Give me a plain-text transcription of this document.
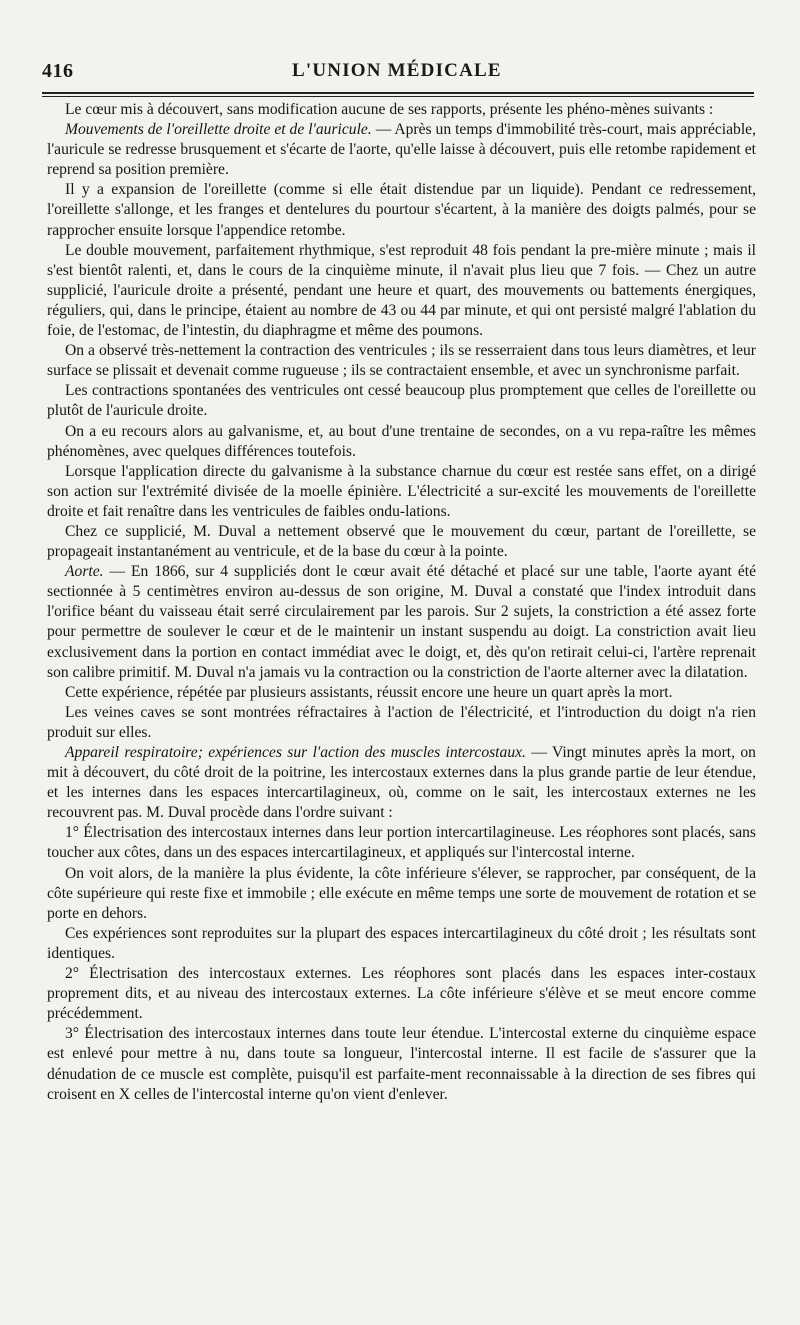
416	L'UNION MÉDICALE

Le cœur mis à découvert, sans modification aucune de ses rapports, présente les phéno-mènes suivants :

Mouvements de l'oreillette droite et de l'auricule. — Après un temps d'immobilité très-court, mais appréciable, l'auricule se redresse brusquement et s'écarte de l'aorte, qu'elle laisse à découvert, puis elle retombe rapidement et reprend sa position première.

Il y a expansion de l'oreillette (comme si elle était distendue par un liquide). Pendant ce redressement, l'oreillette s'allonge, et les franges et dentelures du pourtour s'écartent, à la manière des doigts palmés, pour se rapprocher ensuite lorsque l'appendice retombe.

Le double mouvement, parfaitement rhythmique, s'est reproduit 48 fois pendant la pre-mière minute ; mais il s'est bientôt ralenti, et, dans le cours de la cinquième minute, il n'avait plus lieu que 7 fois. — Chez un autre supplicié, l'auricule droite a présenté, pendant une heure et quart, des mouvements ou battements énergiques, réguliers, qui, dans le principe, étaient au nombre de 43 ou 44 par minute, et qui ont persisté malgré l'ablation du foie, de l'estomac, de l'intestin, du diaphragme et même des poumons.

On a observé très-nettement la contraction des ventricules ; ils se resserraient dans tous leurs diamètres, et leur surface se plissait et devenait comme rugueuse ; ils se contractaient ensemble, et avec un synchronisme parfait.

Les contractions spontanées des ventricules ont cessé beaucoup plus promptement que celles de l'oreillette ou plutôt de l'auricule droite.

On a eu recours alors au galvanisme, et, au bout d'une trentaine de secondes, on a vu repa-raître les mêmes phénomènes, avec quelques différences toutefois.

Lorsque l'application directe du galvanisme à la substance charnue du cœur est restée sans effet, on a dirigé son action sur l'extrémité divisée de la moelle épinière. L'électricité a sur-excité les mouvements de l'oreillette droite et fait renaître dans les ventricules de faibles ondu-lations.

Chez ce supplicié, M. Duval a nettement observé que le mouvement du cœur, partant de l'oreillette, se propageait instantanément au ventricule, et de la base du cœur à la pointe.

Aorte. — En 1866, sur 4 suppliciés dont le cœur avait été détaché et placé sur une table, l'aorte ayant été sectionnée à 5 centimètres environ au-dessus de son origine, M. Duval a constaté que l'index introduit dans l'orifice béant du vaisseau était serré circulairement par les parois. Sur 2 sujets, la constriction a été assez forte pour permettre de soulever le cœur et de le maintenir un instant suspendu au doigt. La constriction avait lieu exclusivement dans la portion en contact immédiat avec le doigt, et, dès qu'on retirait celui-ci, l'artère reprenait son calibre primitif. M. Duval n'a jamais vu la contraction ou la constriction de l'aorte alterner avec la dilatation.

Cette expérience, répétée par plusieurs assistants, réussit encore une heure un quart après la mort.

Les veines caves se sont montrées réfractaires à l'action de l'électricité, et l'introduction du doigt n'a rien produit sur elles.

Appareil respiratoire; expériences sur l'action des muscles intercostaux. — Vingt minutes après la mort, on mit à découvert, du côté droit de la poitrine, les intercostaux externes dans la plus grande partie de leur étendue, et les internes dans les espaces intercartilagineux, où, comme on le sait, les intercostaux externes ne les recouvrent pas. M. Duval procède dans l'ordre suivant :

1° Électrisation des intercostaux internes dans leur portion intercartilagineuse. Les réophores sont placés, sans toucher aux côtes, dans un des espaces intercartilagineux, et appliqués sur l'intercostal interne.

On voit alors, de la manière la plus évidente, la côte inférieure s'élever, se rapprocher, par conséquent, de la côte supérieure qui reste fixe et immobile ; elle exécute en même temps une sorte de mouvement de rotation et se porte en dehors.

Ces expériences sont reproduites sur la plupart des espaces intercartilagineux du côté droit ; les résultats sont identiques.

2° Électrisation des intercostaux externes. Les réophores sont placés dans les espaces inter-costaux proprement dits, et au niveau des intercostaux externes. La côte inférieure s'élève et se meut encore comme précédemment.

3° Électrisation des intercostaux internes dans toute leur étendue. L'intercostal externe du cinquième espace est enlevé pour mettre à nu, dans toute sa longueur, l'intercostal interne. Il est facile de s'assurer que la dénudation de ce muscle est complète, puisqu'il est parfaite-ment reconnaissable à la direction de ses fibres qui croisent en X celles de l'intercostal interne qu'on vient d'enlever.
